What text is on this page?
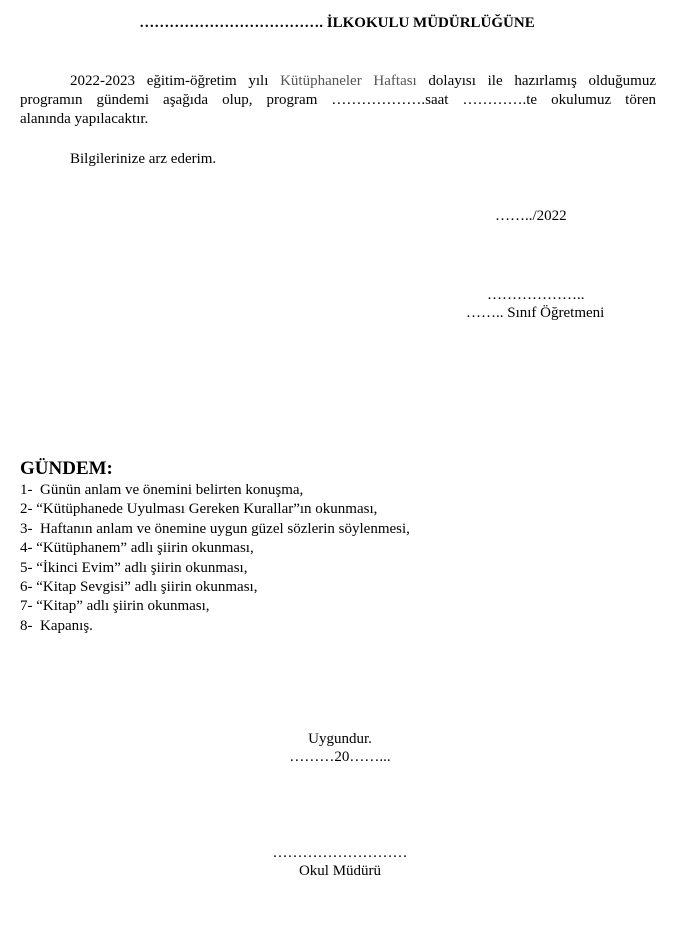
………………………………. İLKOKULU MÜDÜRLÜĞÜNE
2022-2023 eğitim-öğretim yılı Kütüphaneler Haftası dolayısı ile hazırlamış olduğumuz
programın gündemi aşağıda olup, program ……………….saat ………….te okulumuz tören
alanında yapılacaktır.
Bilgilerinize arz ederim.
……../2022
………………..
…….. Sınıf Öğretmeni
GÜNDEM:
1- Günün anlam ve önemini belirten konuşma,
2- “Kütüphanede Uyulması Gereken Kurallar”ın okunması,
3- Haftanın anlam ve önemine uygun güzel sözlerin söylenmesi,
4- “Kütüphanem” adlı şiirin okunması,
5- “İkinci Evim” adlı şiirin okunması,
6- “Kitap Sevgisi” adlı şiirin okunması,
7- “Kitap” adlı şiirin okunması,
8- Kapanış.
Uygundur.
………20……...
………………………
Okul Müdürü
